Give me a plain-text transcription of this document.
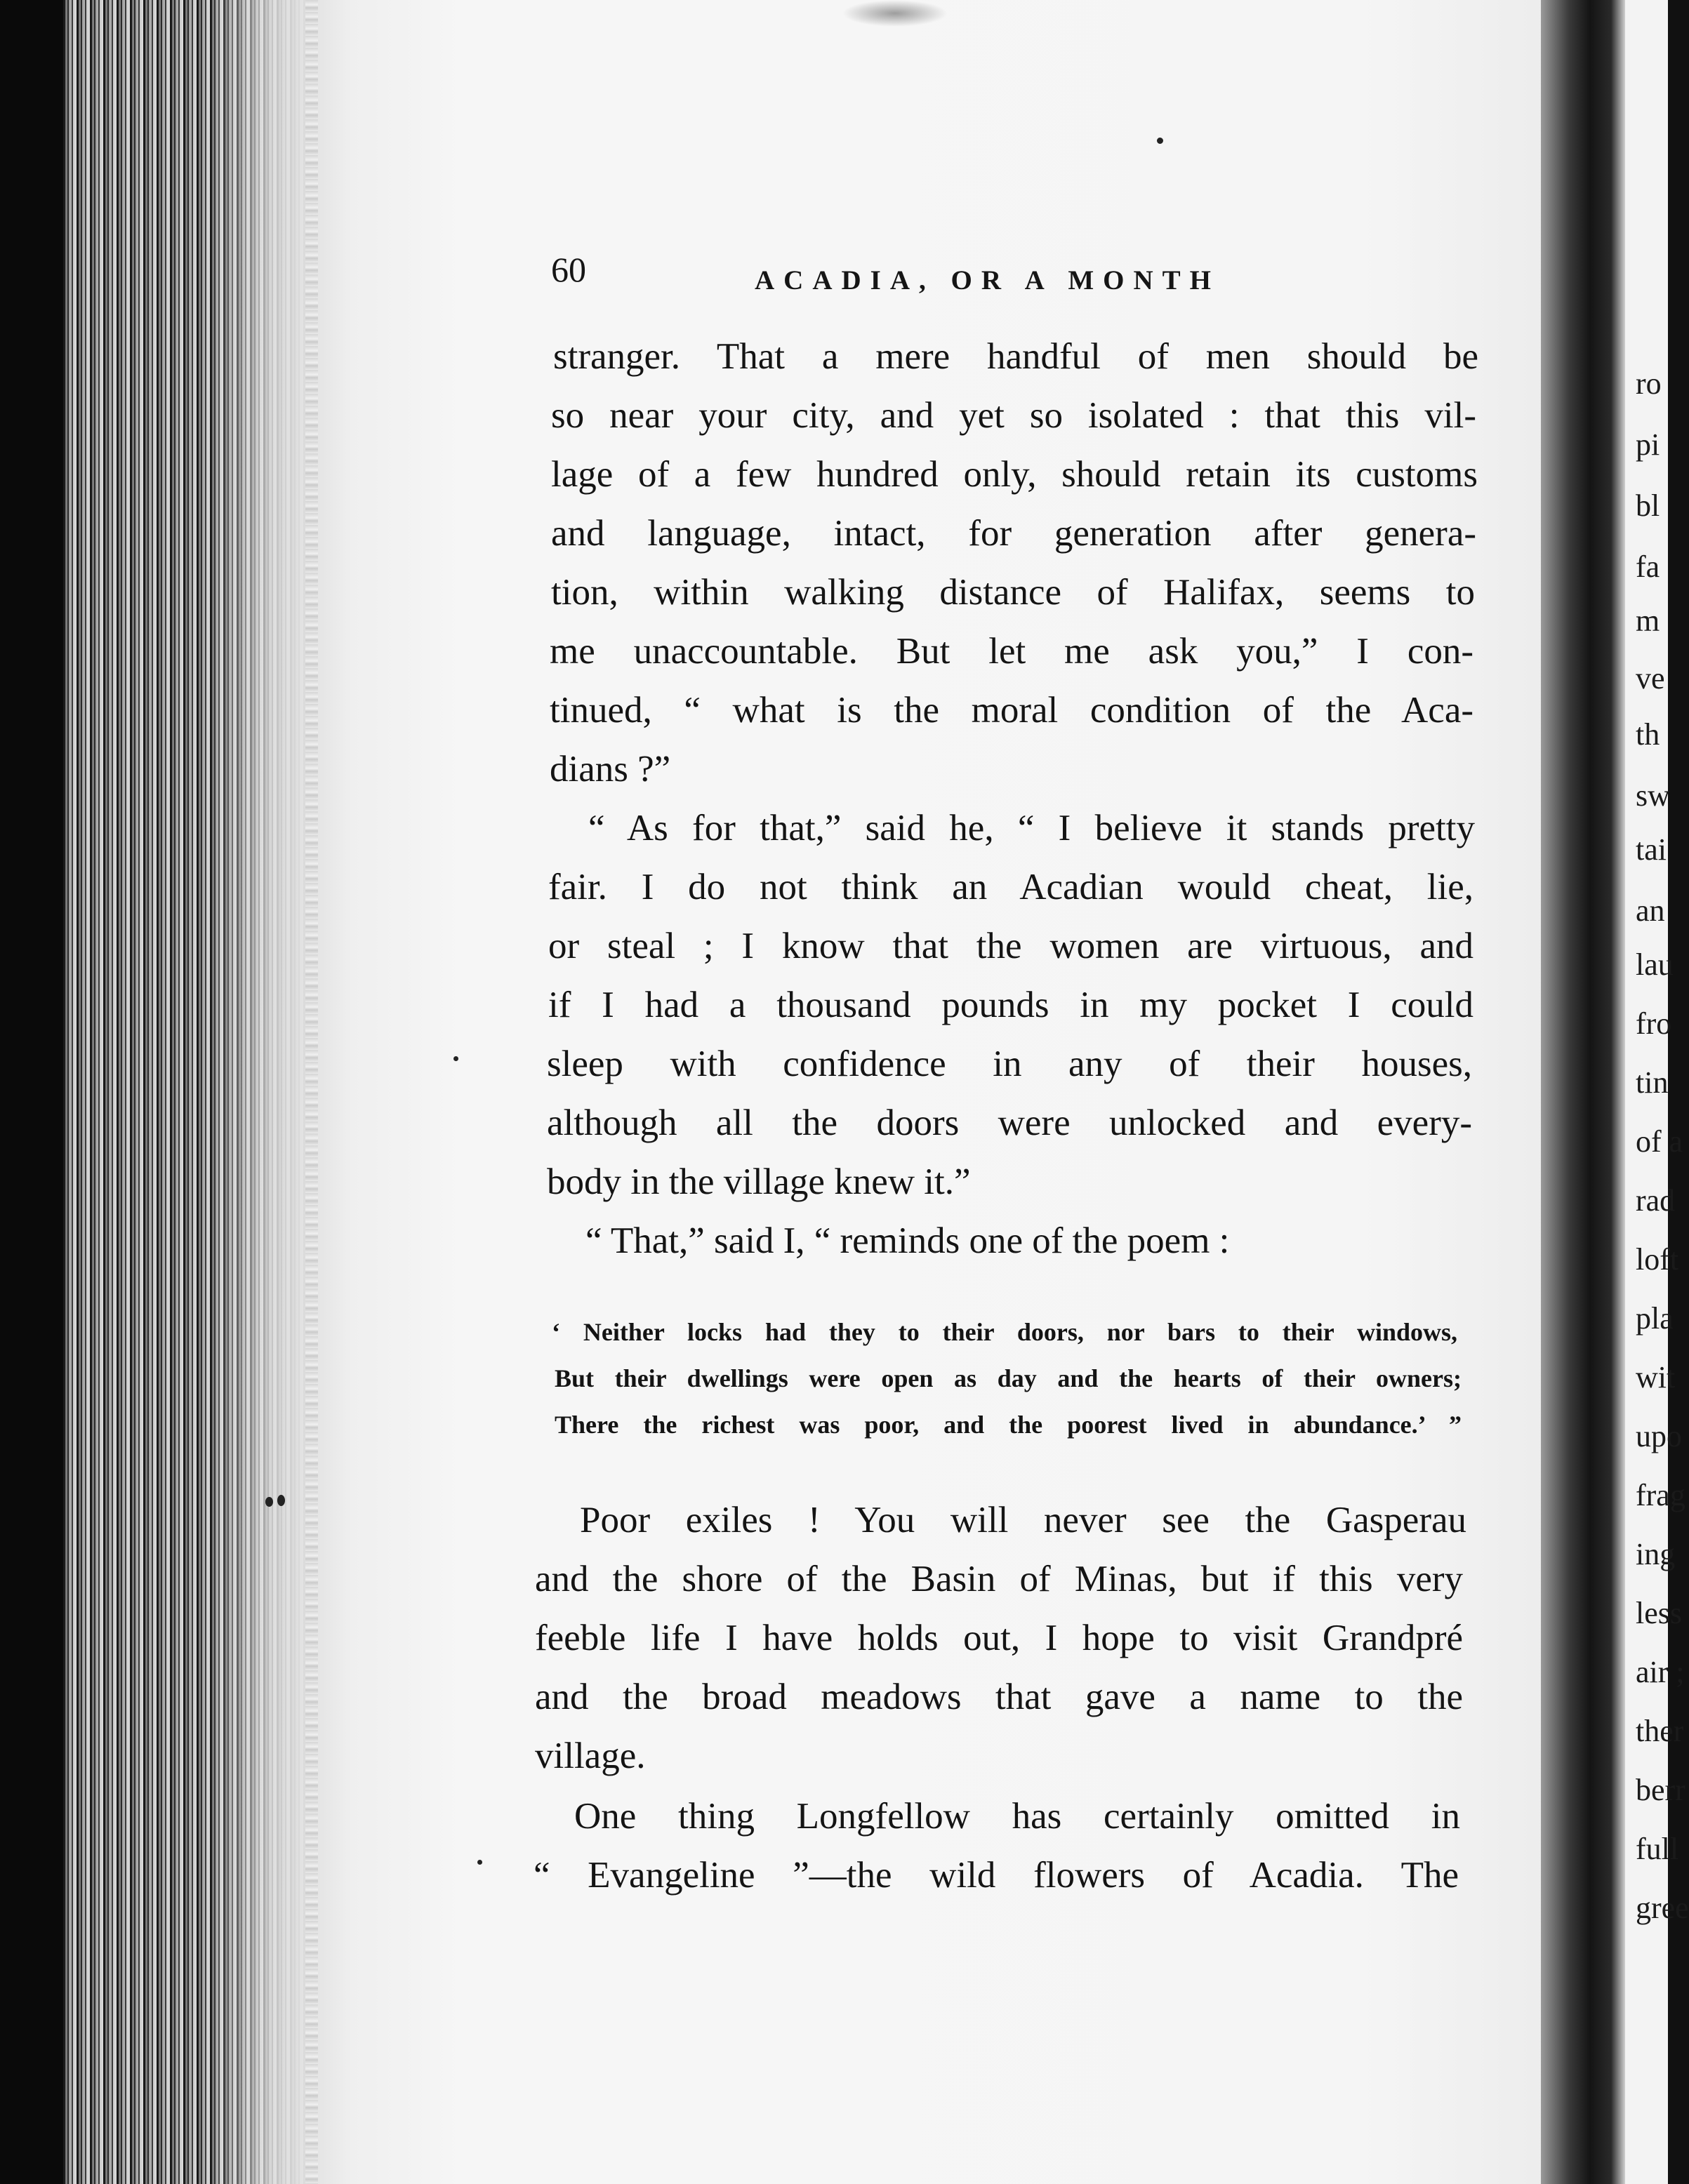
60	ACADIA, OR A MONTH
stranger. That a mere handful of men should be
so near your city, and yet so isolated : that this vil-
lage of a few hundred only, should retain its customs
and language, intact, for generation after genera-
tion, within walking distance of Halifax, seems to
me unaccountable. But let me ask you,” I con-
tinued, “ what is the moral condition of the Aca-
dians ?”
“ As for that,” said he, “ I believe it stands pretty
fair. I do not think an Acadian would cheat, lie,
or steal ; I know that the women are virtuous, and
if I had a thousand pounds in my pocket I could
sleep with confidence in any of their houses,
although all the doors were unlocked and every-
body in the village knew it.”
“ That,” said I, “ reminds one of the poem :
‘ Neither locks had they to their doors, nor bars to their windows,
But their dwellings were open as day and the hearts of their owners;
There the richest was poor, and the poorest lived in abundance.’ ”
Poor exiles ! You will never see the Gasperau
and the shore of the Basin of Minas, but if this very
feeble life I have holds out, I hope to visit Grandpré
and the broad meadows that gave a name to the
village.
One thing Longfellow has certainly omitted in
“ Evangeline ”—the wild flowers of Acadia. The
ro
pi
bl
fa
m
ve
th
sw
tai
an
lau
fro
tin
of a
rad
loft
pla
wit
upo
frag
ing
less
air ;
ther
berr
full
gree
